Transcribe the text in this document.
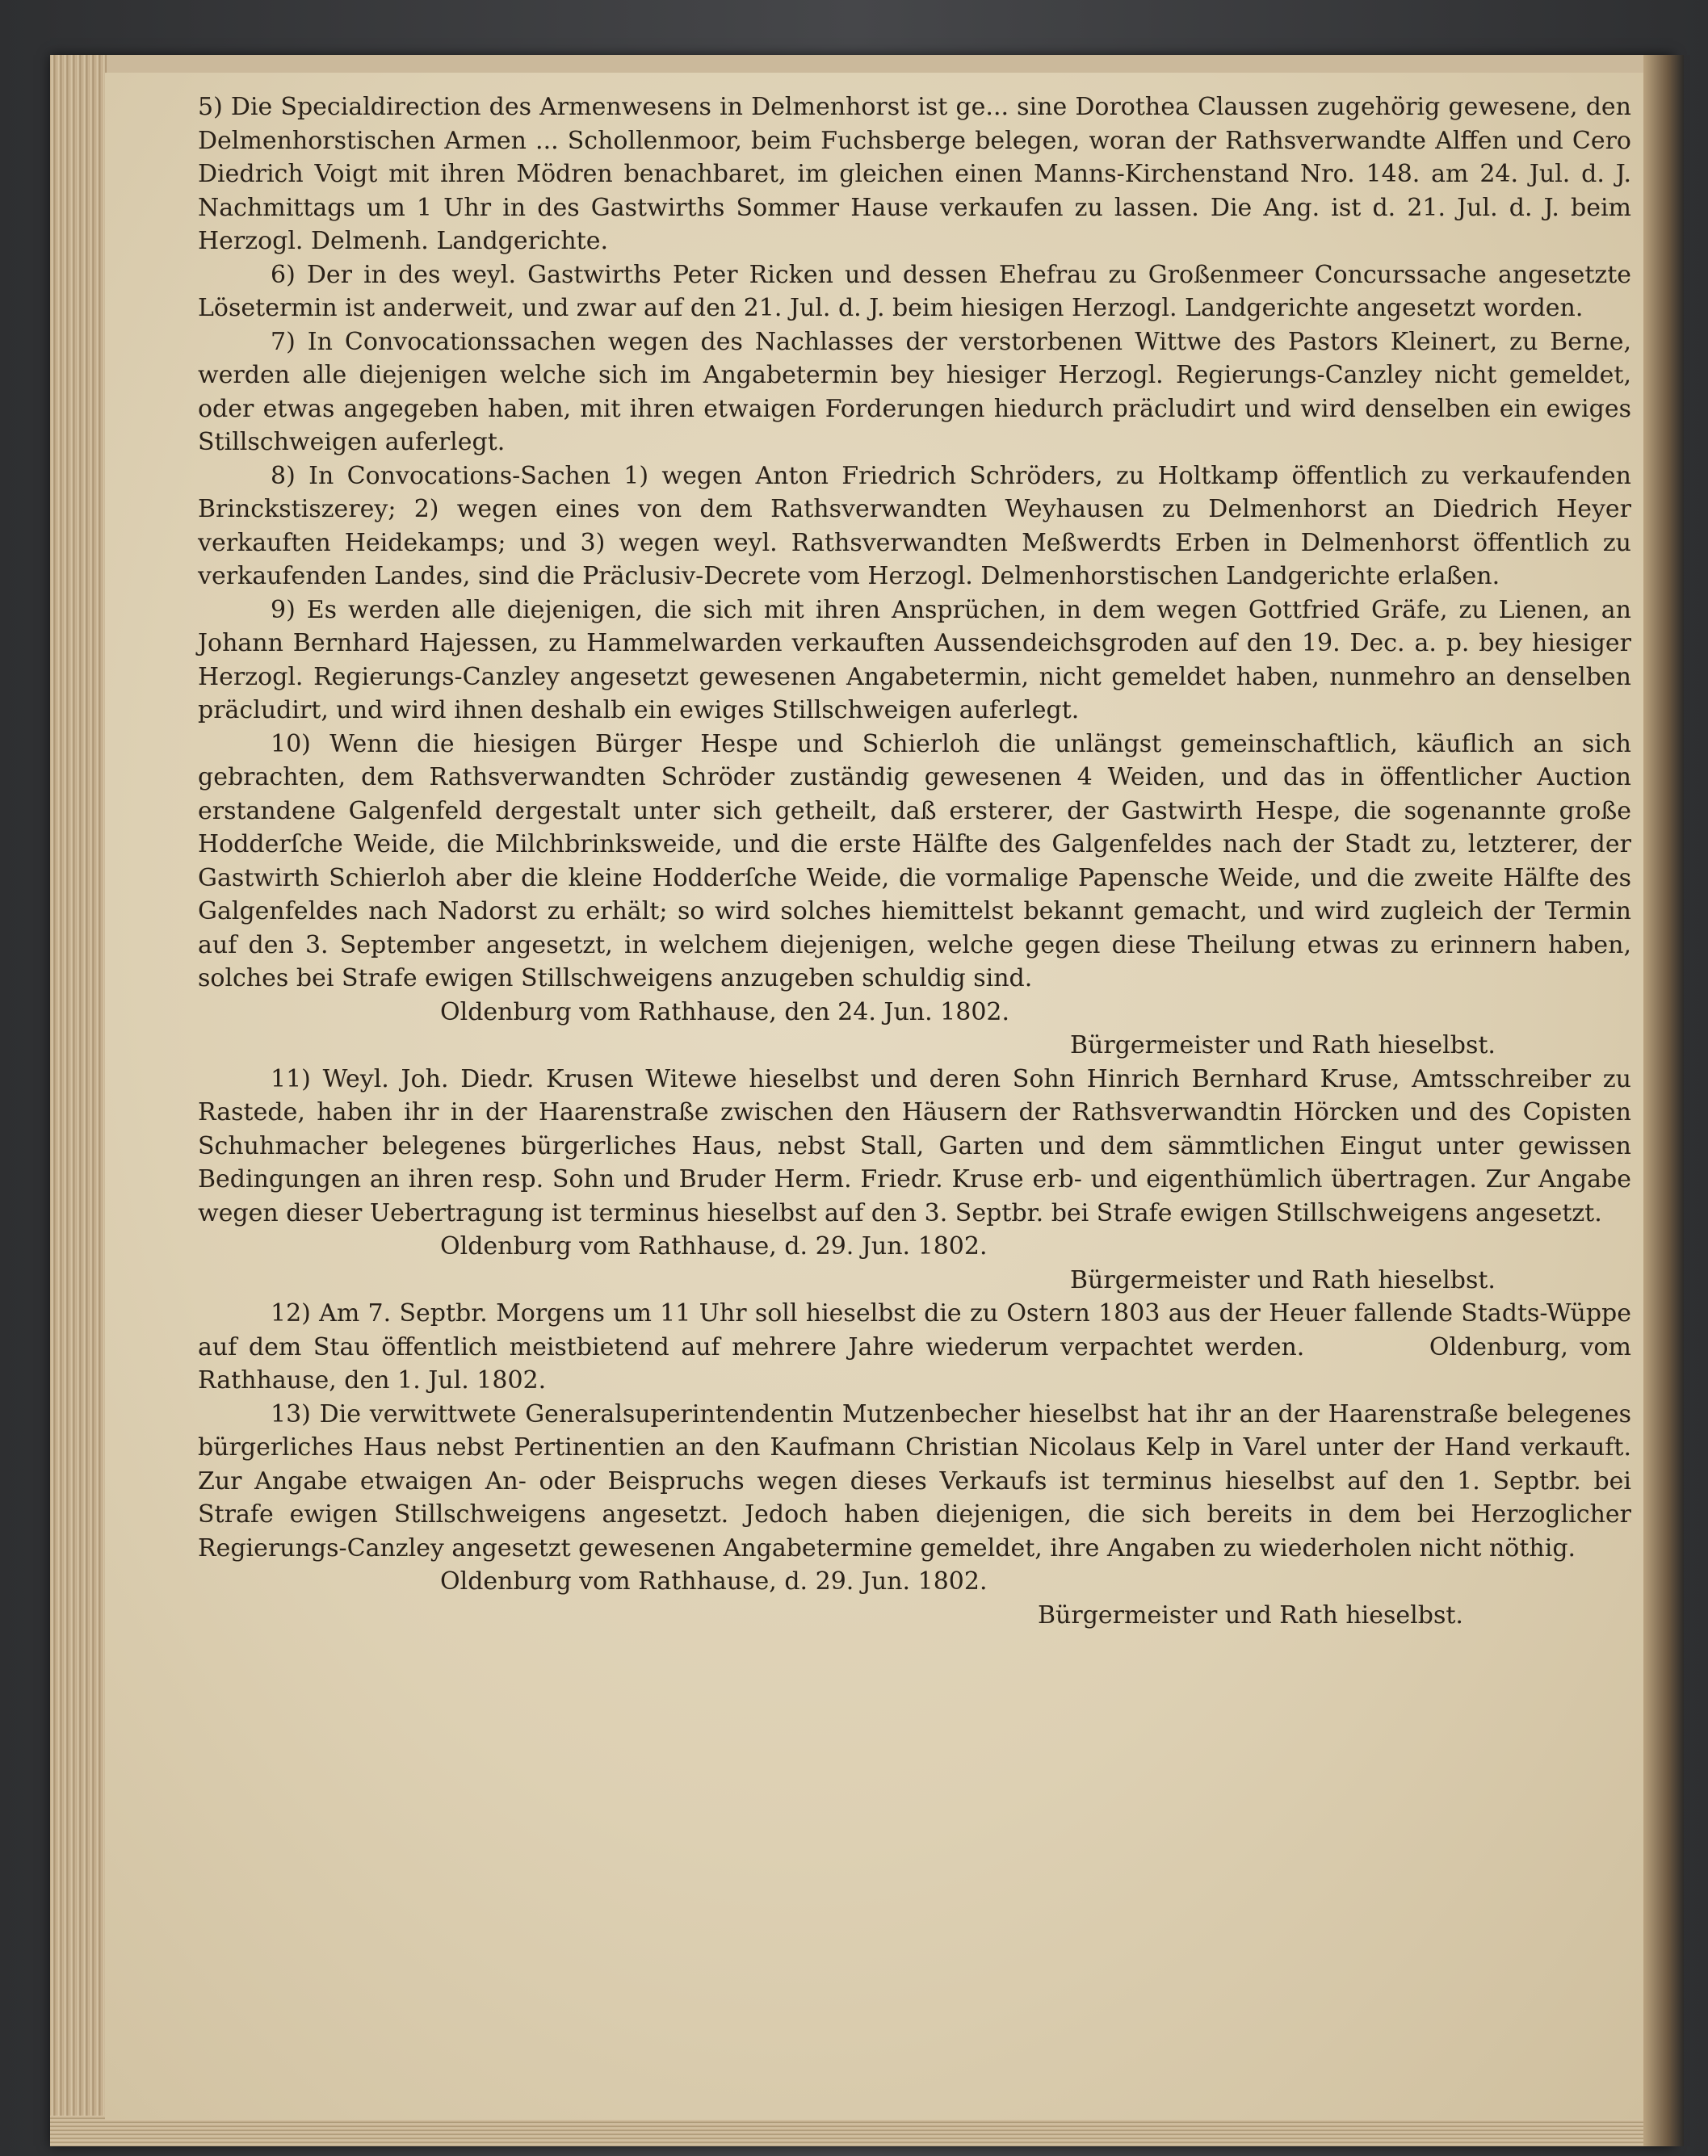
5) Die Specialdirection des Armenwesens in Delmenhorst ist ge... sine Dorothea Claussen zugehörig gewesene, den Delmenhorstischen Armen ... Schollenmoor, beim Fuchsberge belegen, woran der Rathsverwandte Alffen und Cero Diedrich Voigt mit ihren Mödren benachbaret, im gleichen einen Manns-Kirchenstand Nro. 148. am 24. Jul. d. J. Nachmittags um 1 Uhr in des Gastwirths Sommer Hause verkaufen zu lassen. Die Ang. ist d. 21. Jul. d. J. beim Herzogl. Delmenh. Landgerichte.

6) Der in des weyl. Gastwirths Peter Ricken und dessen Ehefrau zu Großenmeer Concurssache angesetzte Lösetermin ist anderweit, und zwar auf den 21. Jul. d. J. beim hiesigen Herzogl. Landgerichte angesetzt worden.

7) In Convocationssachen wegen des Nachlasses der verstorbenen Wittwe des Pastors Kleinert, zu Berne, werden alle diejenigen welche sich im Angabetermin bey hiesiger Herzogl. Regierungs-Canzley nicht gemeldet, oder etwas angegeben haben, mit ihren etwaigen Forderungen hiedurch präcludirt und wird denselben ein ewiges Stillschweigen auferlegt.

8) In Convocations-Sachen 1) wegen Anton Friedrich Schröders, zu Holtkamp öffentlich zu verkaufenden Brinckstiszerey; 2) wegen eines von dem Rathsverwandten Weyhausen zu Delmenhorst an Diedrich Heyer verkauften Heidekamps; und 3) wegen weyl. Rathsverwandten Meßwerdts Erben in Delmenhorst öffentlich zu verkaufenden Landes, sind die Präclusiv-Decrete vom Herzogl. Delmenhorstischen Landgerichte erlaßen.

9) Es werden alle diejenigen, die sich mit ihren Ansprüchen, in dem wegen Gottfried Gräfe, zu Lienen, an Johann Bernhard Hajessen, zu Hammelwarden verkauften Aussendeichsgroden auf den 19. Dec. a. p. bey hiesiger Herzogl. Regierungs-Canzley angesetzt gewesenen Angabetermin, nicht gemeldet haben, nunmehro an denselben präcludirt, und wird ihnen deshalb ein ewiges Stillschweigen auferlegt.

10) Wenn die hiesigen Bürger Hespe und Schierloh die unlängst gemeinschaftlich, käuflich an sich gebrachten, dem Rathsverwandten Schröder zuständig gewesenen 4 Weiden, und das in öffentlicher Auction erstandene Galgenfeld dergestalt unter sich getheilt, daß ersterer, der Gastwirth Hespe, die sogenannte große Hodderſche Weide, die Milchbrinksweide, und die erste Hälfte des Galgenfeldes nach der Stadt zu, letzterer, der Gastwirth Schierloh aber die kleine Hodderſche Weide, die vormalige Papensche Weide, und die zweite Hälfte des Galgenfeldes nach Nadorst zu erhält; so wird solches hiemittelst bekannt gemacht, und wird zugleich der Termin auf den 3. September angesetzt, in welchem diejenigen, welche gegen diese Theilung etwas zu erinnern haben, solches bei Strafe ewigen Stillschweigens anzugeben schuldig sind.

Oldenburg vom Rathhause, den 24. Jun. 1802.

Bürgermeister und Rath hieselbst.

11) Weyl. Joh. Diedr. Krusen Witewe hieselbst und deren Sohn Hinrich Bernhard Kruse, Amtsschreiber zu Rastede, haben ihr in der Haarenstraße zwischen den Häusern der Rathsverwandtin Hörcken und des Copisten Schuhmacher belegenes bürgerliches Haus, nebst Stall, Garten und dem sämmtlichen Eingut unter gewissen Bedingungen an ihren resp. Sohn und Bruder Herm. Friedr. Kruse erb- und eigenthümlich übertragen. Zur Angabe wegen dieser Uebertragung ist terminus hieselbst auf den 3. Septbr. bei Strafe ewigen Stillschweigens angesetzt.

Oldenburg vom Rathhause, d. 29. Jun. 1802.

Bürgermeister und Rath hieselbst.

12) Am 7. Septbr. Morgens um 11 Uhr soll hieselbst die zu Ostern 1803 aus der Heuer fallende Stadts-Wüppe auf dem Stau öffentlich meistbietend auf mehrere Jahre wiederum verpachtet werden.	Oldenburg, vom Rathhause, den 1. Jul. 1802.

13) Die verwittwete Generalsuperintendentin Mutzenbecher hieselbst hat ihr an der Haarenstraße belegenes bürgerliches Haus nebst Pertinentien an den Kaufmann Christian Nicolaus Kelp in Varel unter der Hand verkauft. Zur Angabe etwaigen An- oder Beispruchs wegen dieses Verkaufs ist terminus hieselbst auf den 1. Septbr. bei Strafe ewigen Stillschweigens angesetzt. Jedoch haben diejenigen, die sich bereits in dem bei Herzoglicher Regierungs-Canzley angesetzt gewesenen Angabetermine gemeldet, ihre Angaben zu wiederholen nicht nöthig.

Oldenburg vom Rathhause, d. 29. Jun. 1802.

Bürgermeister und Rath hieselbst.
